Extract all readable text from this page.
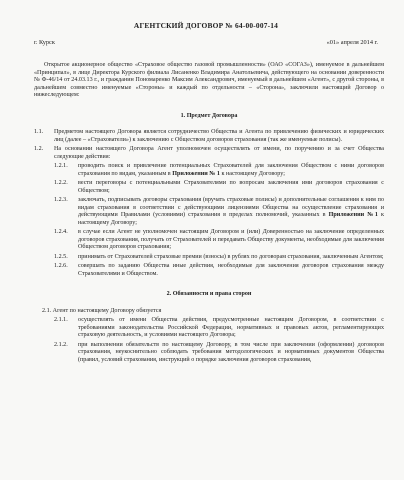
АГЕНТСКИЙ ДОГОВОР № 64-00-007-14
г. Курск	«01» апреля 2014 г.

Открытое акционерное общество «Страховое общество газовой промышленности» (ОАО «СОГАЗ»), именуемое в дальнейшем «Принципал», в лице Директора Курского филиала Лисаненко Владимира Анатольевича, действующего на основании доверенности № Ф-46/14 от 24.03.13 г., и гражданин Пономаренко Максим Александрович, именуемый в дальнейшем «Агент», с другой стороны, в дальнейшем совместно именуемые «Стороны» и каждый по отдельности – «Сторона», заключили настоящий Договор о нижеследующем:

1. Предмет Договора
1.1.	Предметом настоящего Договора является сотрудничество Общества и Агента по привлечению физических и юридических лиц (далее – «Страхователи») к заключению с Обществом договоров страхования (так же именуемые полисы).
1.2.	На основании настоящего Договора Агент уполномочен осуществлять от имени, по поручению и за счет Общества следующие действия:
1.2.1.	проводить поиск и привлечение потенциальных Страхователей для заключения Обществом с ними договоров страхования по видам, указанным в Приложении № 1 к настоящему Договору;
1.2.2.	вести переговоры с потенциальными Страхователями по вопросам заключения ими договоров страхования с Обществом;
1.2.3.	заключать, подписывать договоры страхования (вручать страховые полисы) и дополнительные соглашения к ним по видам страхования в соответствии с действующими лицензиями Общества на осуществление страхования и действующими Правилами (условиями) страхования в пределах полномочий, указанных в Приложении №1 к настоящему Договору;
1.2.4.	в случае если Агент не уполномочен настоящим Договором и (или) Доверенностью на заключение определенных договоров страхования, получать от Страхователей и передавать Обществу документы, необходимые для заключения Обществом договоров страхования;
1.2.5.	принимать от Страхователей страховые премии (взносы) в рублях по договорам страхования, заключенным Агентом;
1.2.6.	совершать по заданию Общества иные действия, необходимые для заключения договоров страхования между Страхователями и Обществом.
2. Обязанности и права сторон
2.1. Агент по настоящему Договору обязуется
2.1.1.	осуществлять от имени Общества действия, предусмотренные настоящим Договором, в соответствии с требованиями законодательства Российской Федерации, нормативных и правовых актов, регламентирующих страховую деятельность, и условиями настоящего Договора;
2.1.2.	при выполнении обязательств по настоящему Договору, в том числе при заключении (оформлении) договоров страхования, неукоснительно соблюдать требования методологических и нормативных документов Общества (правил, условий страхования, инструкций о порядке заключения договоров страхования,
